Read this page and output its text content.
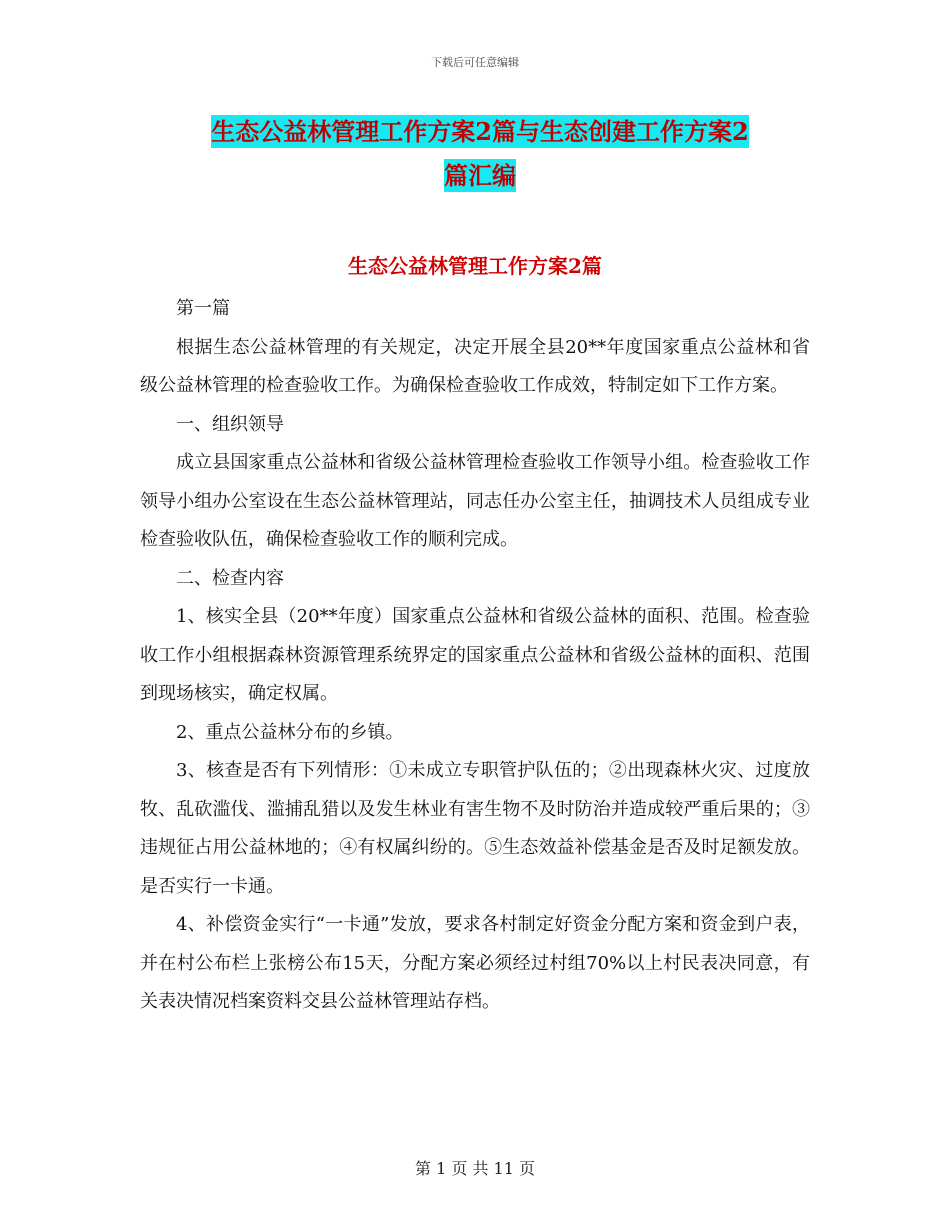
下载后可任意编辑
生态公益林管理工作方案2篇与生态创建工作方案2
篇汇编
生态公益林管理工作方案2篇

第一篇

根据生态公益林管理的有关规定，决定开展全县20**年度国家重点公益林和省级公益林管理的检查验收工作。为确保检查验收工作成效，特制定如下工作方案。

一、组织领导

成立县国家重点公益林和省级公益林管理检查验收工作领导小组。检查验收工作领导小组办公室设在生态公益林管理站，同志任办公室主任，抽调技术人员组成专业检查验收队伍，确保检查验收工作的顺利完成。

二、检查内容

1、核实全县（20**年度）国家重点公益林和省级公益林的面积、范围。检查验收工作小组根据森林资源管理系统界定的国家重点公益林和省级公益林的面积、范围到现场核实，确定权属。

2、重点公益林分布的乡镇。

3、核查是否有下列情形：①未成立专职管护队伍的；②出现森林火灾、过度放牧、乱砍滥伐、滥捕乱猎以及发生林业有害生物不及时防治并造成较严重后果的；③违规征占用公益林地的；④有权属纠纷的。⑤生态效益补偿基金是否及时足额发放。是否实行一卡通。

4、补偿资金实行“一卡通”发放，要求各村制定好资金分配方案和资金到户表，并在村公布栏上张榜公布15天，分配方案必须经过村组70%以上村民表决同意，有关表决情况档案资料交县公益林管理站存档。

第 1 页 共 11 页
